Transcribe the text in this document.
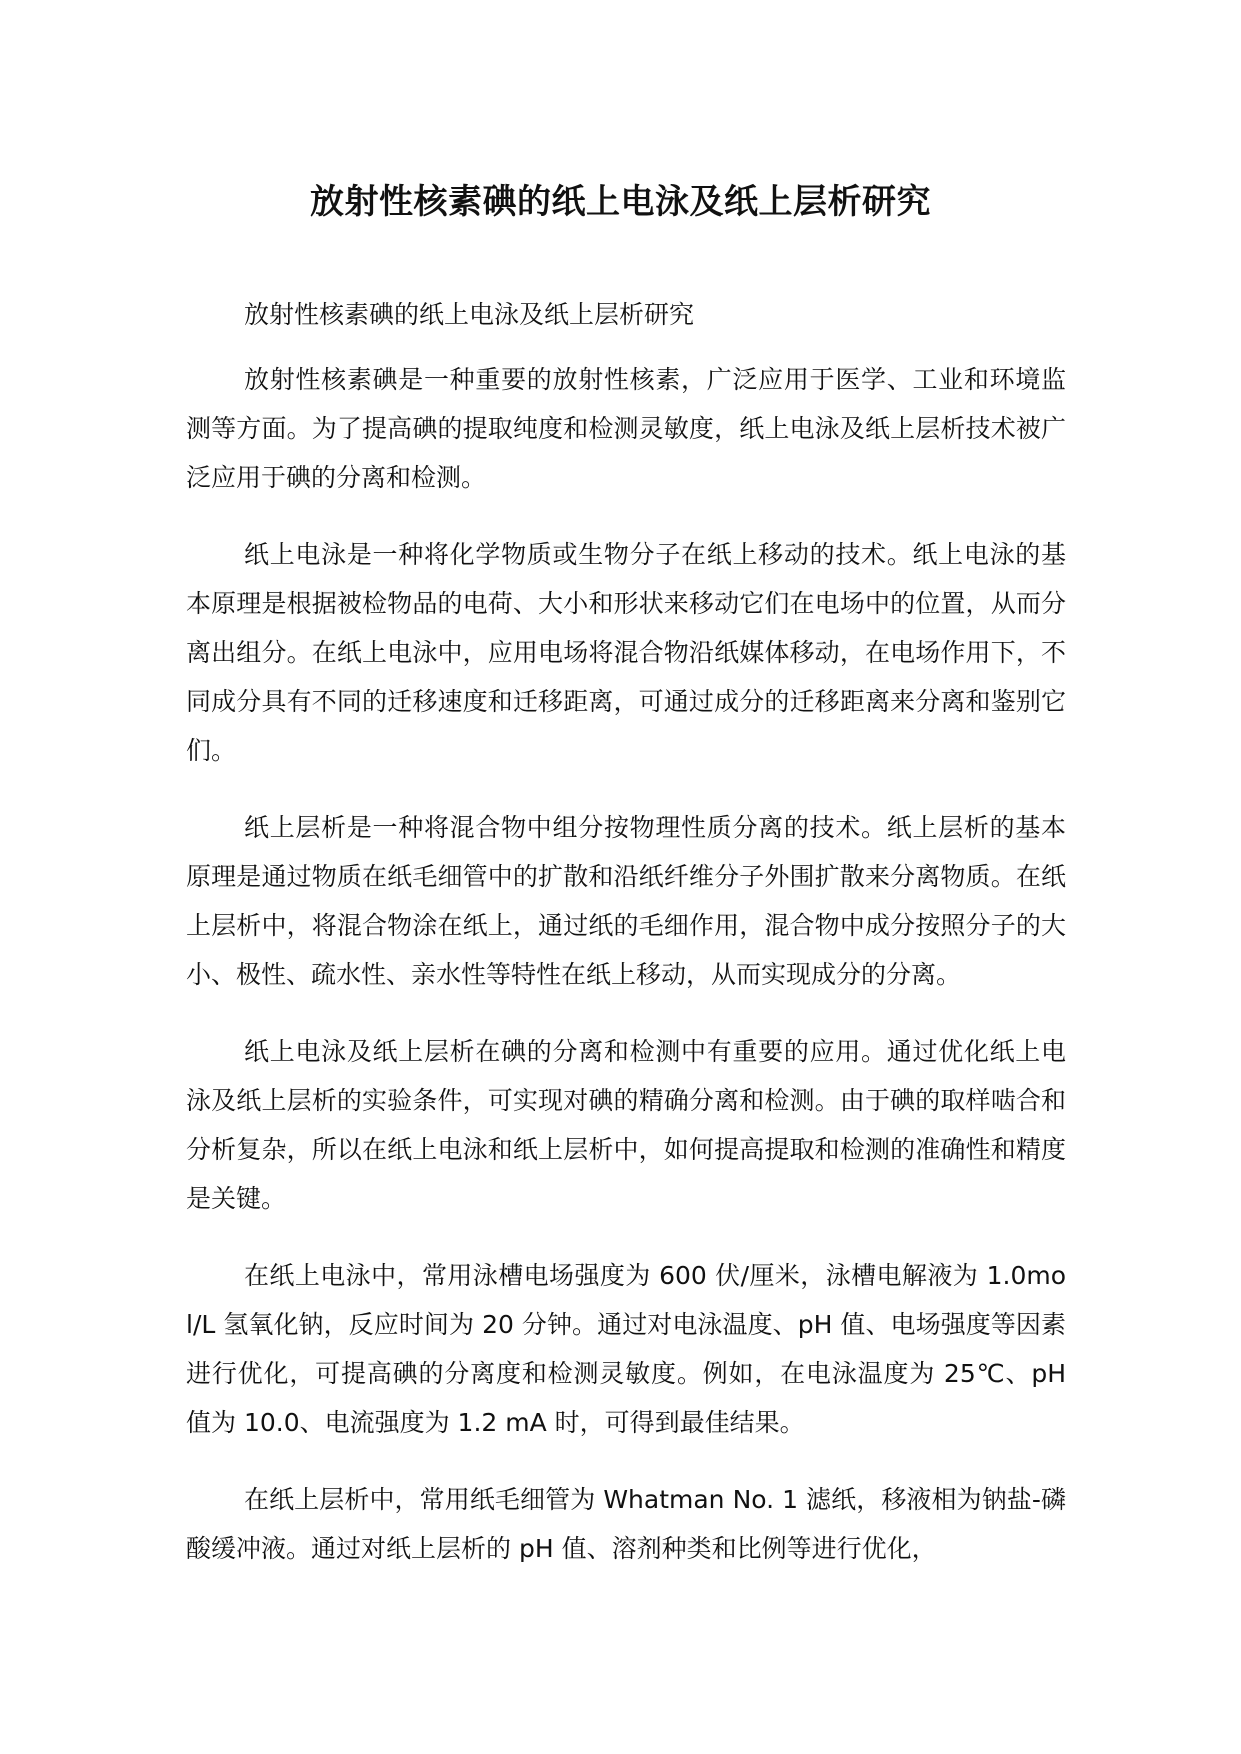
放射性核素碘的纸上电泳及纸上层析研究

放射性核素碘的纸上电泳及纸上层析研究

放射性核素碘是一种重要的放射性核素，广泛应用于医学、工业和环境监测等方面。为了提高碘的提取纯度和检测灵敏度，纸上电泳及纸上层析技术被广泛应用于碘的分离和检测。

纸上电泳是一种将化学物质或生物分子在纸上移动的技术。纸上电泳的基本原理是根据被检物品的电荷、大小和形状来移动它们在电场中的位置，从而分离出组分。在纸上电泳中，应用电场将混合物沿纸媒体移动，在电场作用下，不同成分具有不同的迁移速度和迁移距离，可通过成分的迁移距离来分离和鉴别它们。

纸上层析是一种将混合物中组分按物理性质分离的技术。纸上层析的基本原理是通过物质在纸毛细管中的扩散和沿纸纤维分子外围扩散来分离物质。在纸上层析中，将混合物涂在纸上，通过纸的毛细作用，混合物中成分按照分子的大小、极性、疏水性、亲水性等特性在纸上移动，从而实现成分的分离。

纸上电泳及纸上层析在碘的分离和检测中有重要的应用。通过优化纸上电泳及纸上层析的实验条件，可实现对碘的精确分离和检测。由于碘的取样啮合和分析复杂，所以在纸上电泳和纸上层析中，如何提高提取和检测的准确性和精度是关键。

在纸上电泳中，常用泳槽电场强度为 600 伏/厘米，泳槽电解液为 1.0mol/L 氢氧化钠，反应时间为 20 分钟。通过对电泳温度、pH 值、电场强度等因素进行优化，可提高碘的分离度和检测灵敏度。例如，在电泳温度为 25℃、pH 值为 10.0、电流强度为 1.2 mA 时，可得到最佳结果。

在纸上层析中，常用纸毛细管为 Whatman No. 1 滤纸，移液相为钠盐-磷酸缓冲液。通过对纸上层析的 pH 值、溶剂种类和比例等进行优化，
